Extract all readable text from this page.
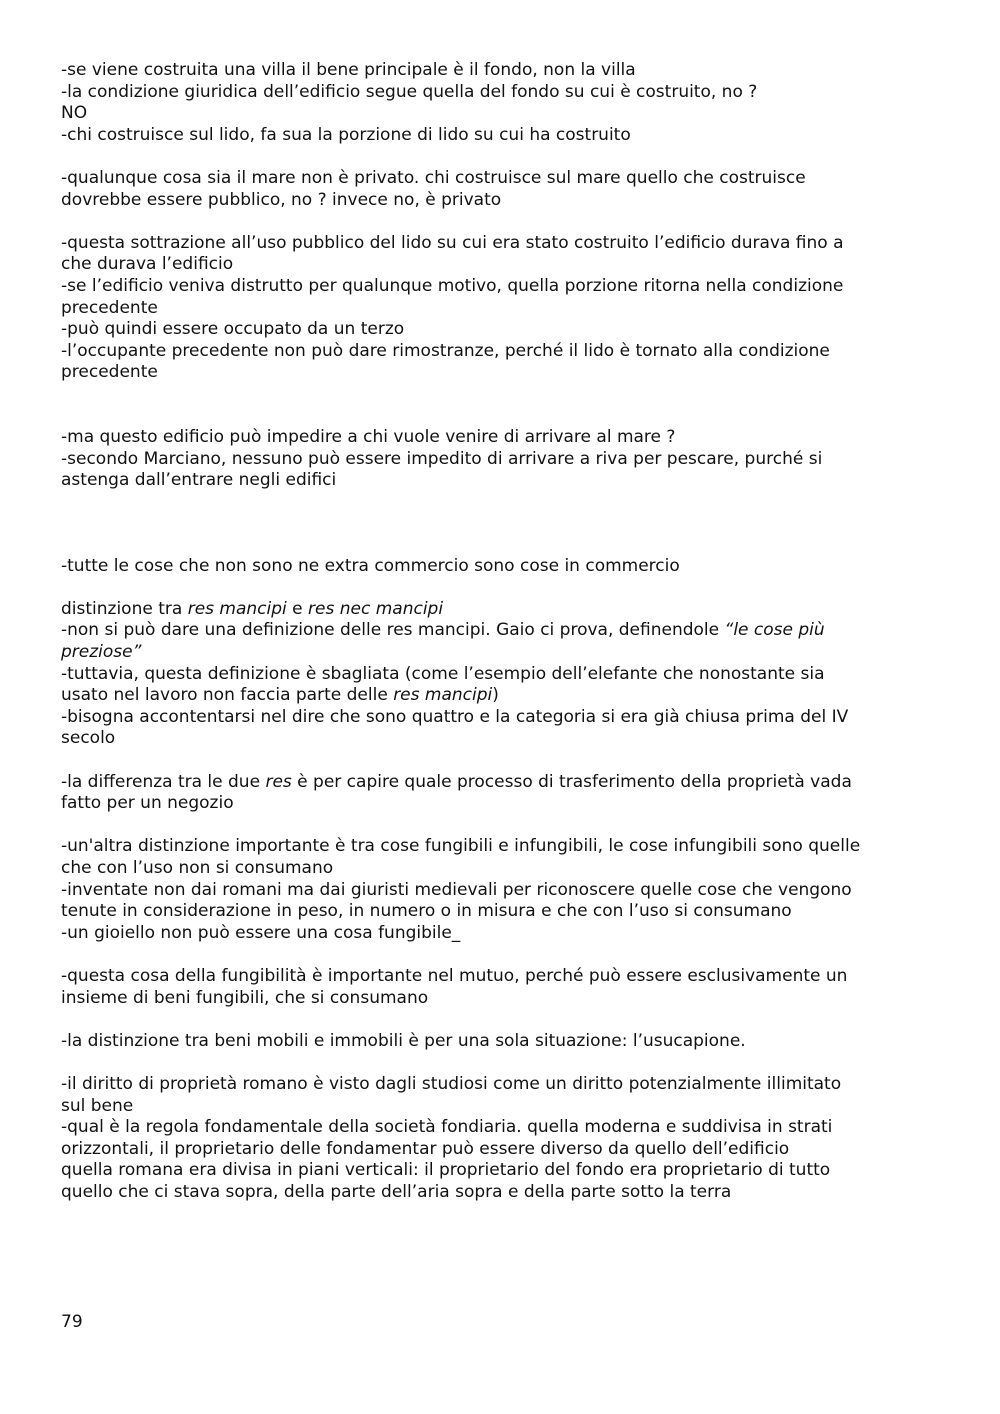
-se viene costruita una villa il bene principale è il fondo, non la villa

-la condizione giuridica dell’edificio segue quella del fondo su cui è costruito, no ?

NO

-chi costruisce sul lido, fa sua la porzione di lido su cui ha costruito

-qualunque cosa sia il mare non è privato. chi costruisce sul mare quello che costruisce

dovrebbe essere pubblico, no ? invece no, è privato

-questa sottrazione all’uso pubblico del lido su cui era stato costruito l’edificio durava fino a

che durava l’edificio

-se l’edificio veniva distrutto per qualunque motivo, quella porzione ritorna nella condizione

precedente

-può quindi essere occupato da un terzo

-l’occupante precedente non può dare rimostranze, perché il lido è tornato alla condizione

precedente

-ma questo edificio può impedire a chi vuole venire di arrivare al mare ?

-secondo Marciano, nessuno può essere impedito di arrivare a riva per pescare, purché si

astenga dall’entrare negli edifici

-tutte le cose che non sono ne extra commercio sono cose in commercio

distinzione tra res mancipi e res nec mancipi

-non si può dare una definizione delle res mancipi. Gaio ci prova, definendole “le cose più

preziose”

-tuttavia, questa definizione è sbagliata (come l’esempio dell’elefante che nonostante sia

usato nel lavoro non faccia parte delle res mancipi)

-bisogna accontentarsi nel dire che sono quattro e la categoria si era già chiusa prima del IV

secolo

-la differenza tra le due res è per capire quale processo di trasferimento della proprietà vada

fatto per un negozio

-un'altra distinzione importante è tra cose fungibili e infungibili, le cose infungibili sono quelle

che con l’uso non si consumano

-inventate non dai romani ma dai giuristi medievali per riconoscere quelle cose che vengono

tenute in considerazione in peso, in numero o in misura e che con l’uso si consumano

-un gioiello non può essere una cosa fungibile_

-questa cosa della fungibilità è importante nel mutuo, perché può essere esclusivamente un

insieme di beni fungibili, che si consumano

-la distinzione tra beni mobili e immobili è per una sola situazione: l’usucapione.

-il diritto di proprietà romano è visto dagli studiosi come un diritto potenzialmente illimitato

sul bene

-qual è la regola fondamentale della società fondiaria. quella moderna e suddivisa in strati

orizzontali, il proprietario delle fondamentar può essere diverso da quello dell’edificio

quella romana era divisa in piani verticali: il proprietario del fondo era proprietario di tutto

quello che ci stava sopra, della parte dell’aria sopra e della parte sotto la terra

79
